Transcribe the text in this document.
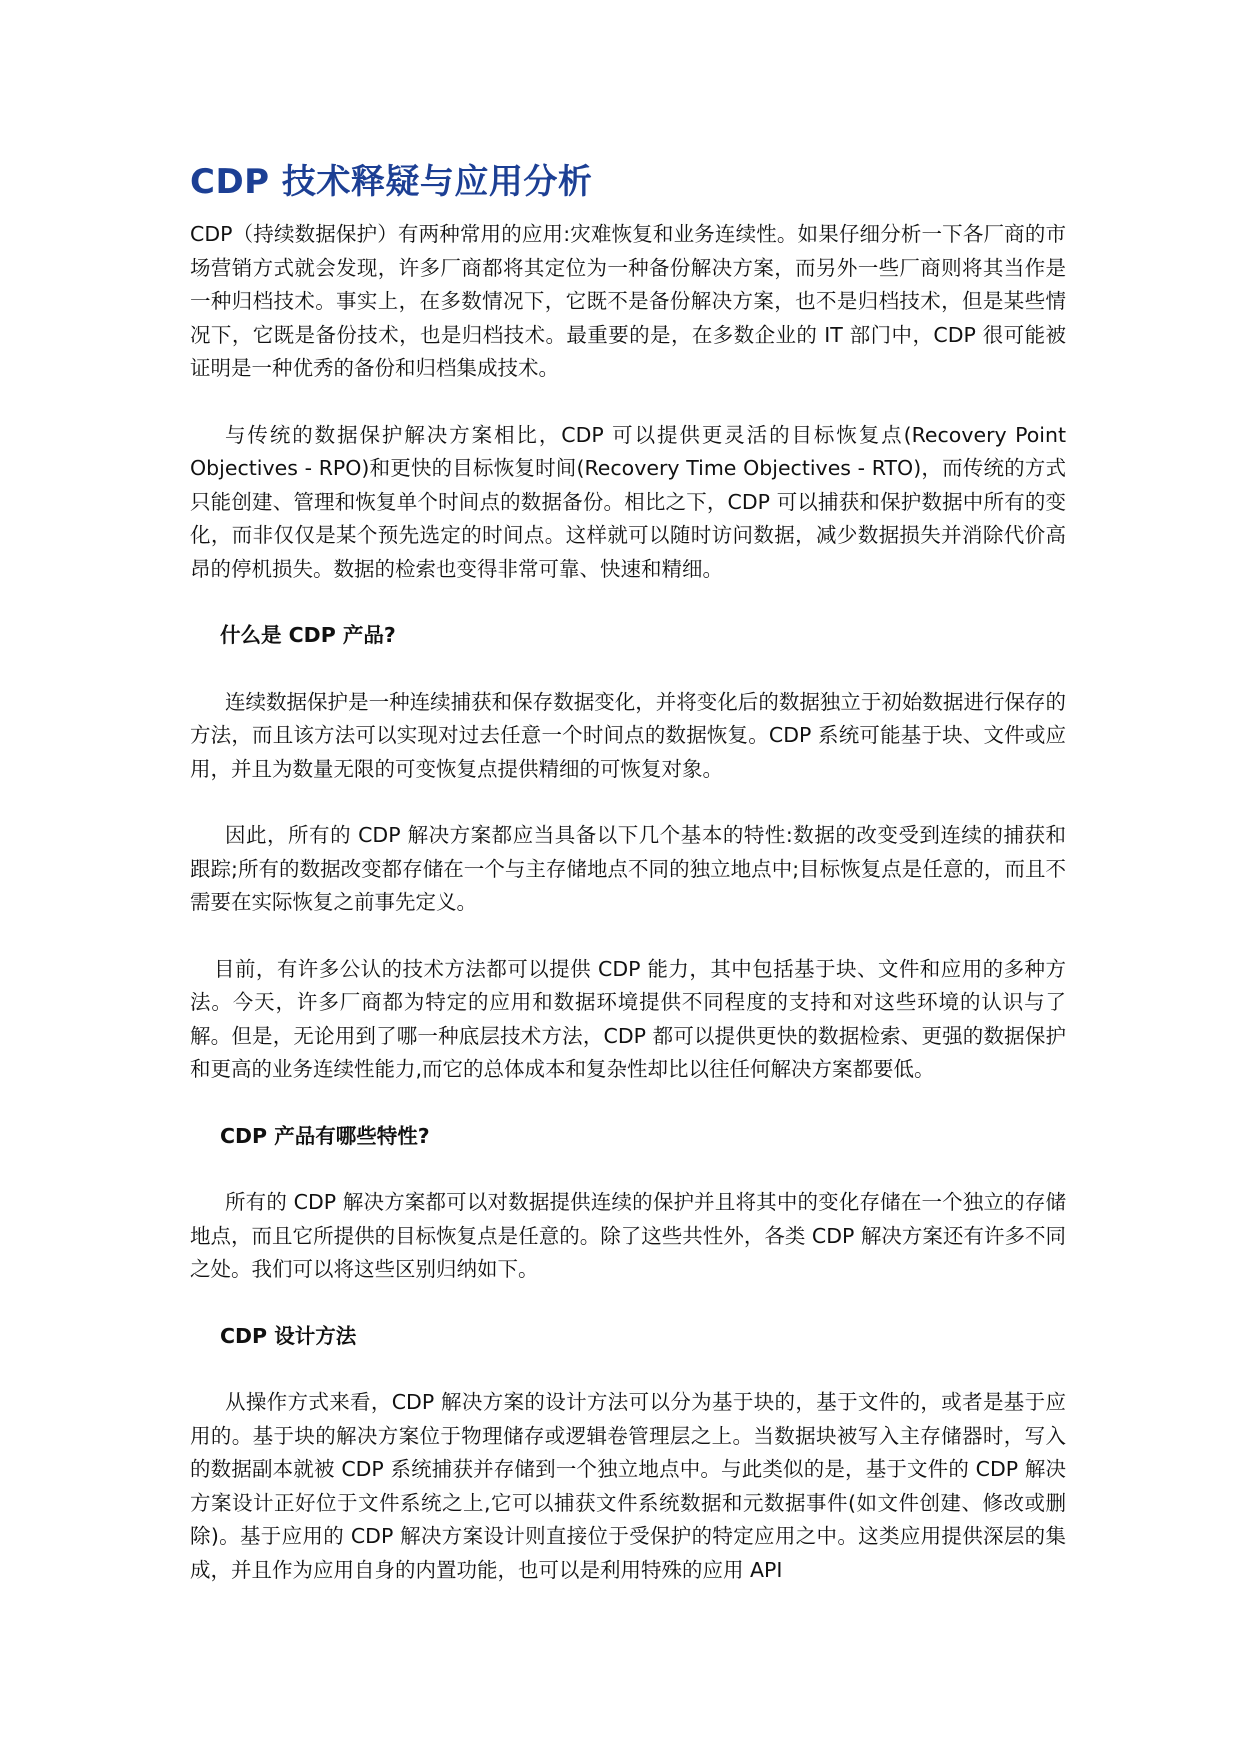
CDP 技术释疑与应用分析

CDP（持续数据保护）有两种常用的应用:灾难恢复和业务连续性。如果仔细分析一下各厂商的市场营销方式就会发现，许多厂商都将其定位为一种备份解决方案，而另外一些厂商则将其当作是一种归档技术。事实上，在多数情况下，它既不是备份解决方案，也不是归档技术，但是某些情况下，它既是备份技术，也是归档技术。最重要的是，在多数企业的 IT 部门中，CDP 很可能被证明是一种优秀的备份和归档集成技术。

与传统的数据保护解决方案相比，CDP 可以提供更灵活的目标恢复点(Recovery Point Objectives - RPO)和更快的目标恢复时间(Recovery Time Objectives - RTO)，而传统的方式只能创建、管理和恢复单个时间点的数据备份。相比之下，CDP 可以捕获和保护数据中所有的变化，而非仅仅是某个预先选定的时间点。这样就可以随时访问数据，减少数据损失并消除代价高昂的停机损失。数据的检索也变得非常可靠、快速和精细。

什么是 CDP 产品?

连续数据保护是一种连续捕获和保存数据变化，并将变化后的数据独立于初始数据进行保存的方法，而且该方法可以实现对过去任意一个时间点的数据恢复。CDP 系统可能基于块、文件或应用，并且为数量无限的可变恢复点提供精细的可恢复对象。

因此，所有的 CDP 解决方案都应当具备以下几个基本的特性:数据的改变受到连续的捕获和跟踪;所有的数据改变都存储在一个与主存储地点不同的独立地点中;目标恢复点是任意的，而且不需要在实际恢复之前事先定义。

目前，有许多公认的技术方法都可以提供 CDP 能力，其中包括基于块、文件和应用的多种方法。今天，许多厂商都为特定的应用和数据环境提供不同程度的支持和对这些环境的认识与了解。但是，无论用到了哪一种底层技术方法，CDP 都可以提供更快的数据检索、更强的数据保护和更高的业务连续性能力,而它的总体成本和复杂性却比以往任何解决方案都要低。

CDP 产品有哪些特性?

所有的 CDP 解决方案都可以对数据提供连续的保护并且将其中的变化存储在一个独立的存储地点，而且它所提供的目标恢复点是任意的。除了这些共性外，各类 CDP 解决方案还有许多不同之处。我们可以将这些区别归纳如下。

CDP 设计方法

从操作方式来看，CDP 解决方案的设计方法可以分为基于块的，基于文件的，或者是基于应用的。基于块的解决方案位于物理储存或逻辑卷管理层之上。当数据块被写入主存储器时，写入的数据副本就被 CDP 系统捕获并存储到一个独立地点中。与此类似的是，基于文件的 CDP 解决方案设计正好位于文件系统之上,它可以捕获文件系统数据和元数据事件(如文件创建、修改或删除)。基于应用的 CDP 解决方案设计则直接位于受保护的特定应用之中。这类应用提供深层的集成，并且作为应用自身的内置功能，也可以是利用特殊的应用 API
